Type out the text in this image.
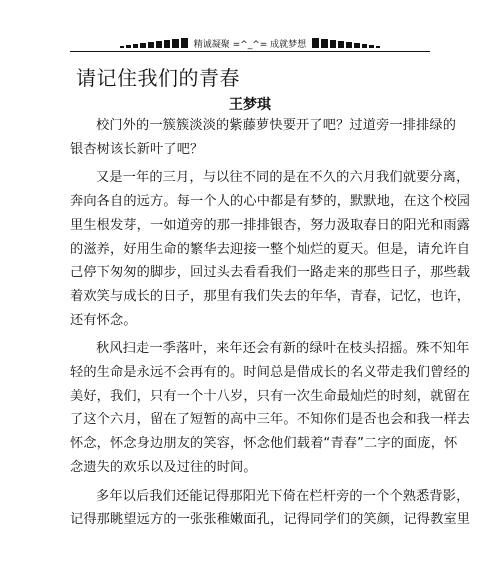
精诚凝聚 =^_^= 成就梦想
请记住我们的青春
王梦琪
校门外的一簇簇淡淡的紫藤萝快要开了吧？过道旁一排排绿的
银杏树该长新叶了吧？
又是一年的三月，与以往不同的是在不久的六月我们就要分离，
奔向各自的远方。每一个人的心中都是有梦的，默默地，在这个校园
里生根发芽，一如道旁的那一排排银杏，努力汲取春日的阳光和雨露
的滋养，好用生命的繁华去迎接一整个灿烂的夏天。但是，请允许自
己停下匆匆的脚步，回过头去看看我们一路走来的那些日子，那些载
着欢笑与成长的日子，那里有我们失去的年华，青春，记忆，也许，
还有怀念。
秋风扫走一季落叶，来年还会有新的绿叶在枝头招摇。殊不知年
轻的生命是永远不会再有的。时间总是借成长的名义带走我们曾经的
美好，我们，只有一个十八岁，只有一次生命最灿烂的时刻，就留在
了这个六月，留在了短暂的高中三年。不知你们是否也会和我一样去
怀念，怀念身边朋友的笑容，怀念他们载着“青春”二字的面庞，怀
念遗失的欢乐以及过往的时间。
多年以后我们还能记得那阳光下倚在栏杆旁的一个个熟悉背影，
记得那眺望远方的一张张稚嫩面孔，记得同学们的笑颜，记得教室里
